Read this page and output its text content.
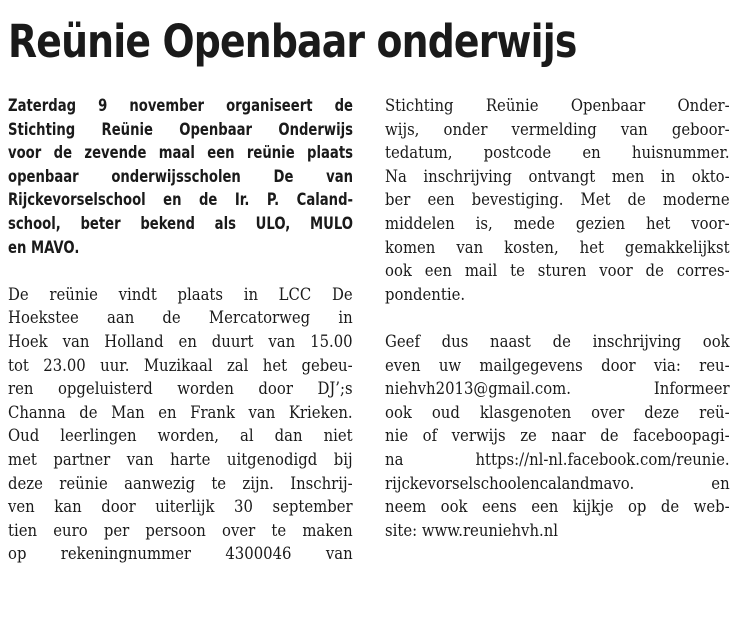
Reünie Openbaar onderwijs
Zaterdag 9 november organiseert de
Stichting Reünie Openbaar Onderwijs
voor de zevende maal een reünie plaats
openbaar onderwijsscholen De van
Rijckevorselschool en de Ir. P. Caland-
school, beter bekend als ULO, MULO
en MAVO.
De reünie vindt plaats in LCC De
Hoekstee aan de Mercatorweg in
Hoek van Holland en duurt van 15.00
tot 23.00 uur. Muzikaal zal het gebeu-
ren opgeluisterd worden door DJ’;s
Channa de Man en Frank van Krieken.
Oud leerlingen worden, al dan niet
met partner van harte uitgenodigd bij
deze reünie aanwezig te zijn. Inschrij-
ven kan door uiterlijk 30 september
tien euro per persoon over te maken
op rekeningnummer 4300046 van
Stichting Reünie Openbaar Onder-
wijs, onder vermelding van geboor-
tedatum, postcode en huisnummer.
Na inschrijving ontvangt men in okto-
ber een bevestiging. Met de moderne
middelen is, mede gezien het voor-
komen van kosten, het gemakkelijkst
ook een mail te sturen voor de corres-
pondentie.
Geef dus naast de inschrijving ook
even uw mailgegevens door via: reu-
niehvh2013@gmail.com. Informeer
ook oud klasgenoten over deze reü-
nie of verwijs ze naar de faceboopagi-
na https://nl-nl.facebook.com/reunie.
rijckevorselschoolencalandmavo. en
neem ook eens een kijkje op de web-
site: www.reuniehvh.nl
